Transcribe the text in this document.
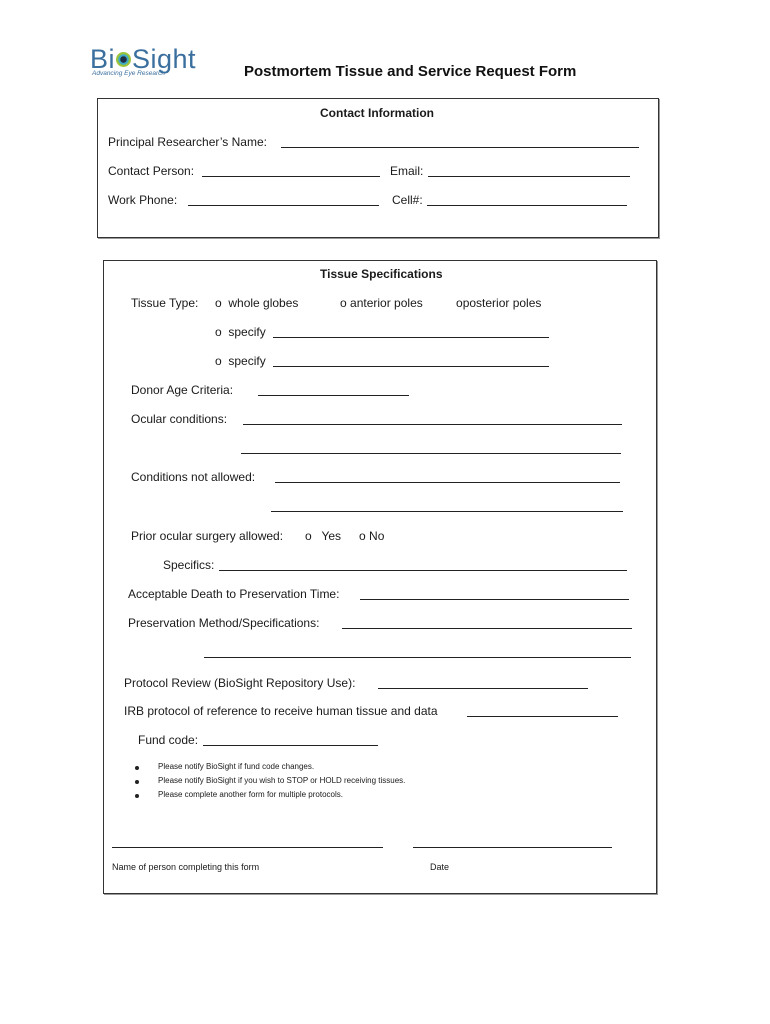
Bi Sight
Advancing Eye Research	Postmortem Tissue and Service Request Form
Contact Information
Principal Researcher’s Name:
Contact Person:	Email:
Work Phone:	Cell#:
Tissue Specifications
Tissue Type: o whole globes	o anterior poles	oposterior poles
o specify
o specify
Donor Age Criteria:
Ocular conditions:
Conditions not allowed:
Prior ocular surgery allowed: o Yes o No
Specifics:
Acceptable Death to Preservation Time:
Preservation Method/Specifications:
Protocol Review (BioSight Repository Use):
IRB protocol of reference to receive human tissue and data
Fund code:
Please notify BioSight if fund code changes.
Please notify BioSight if you wish to STOP or HOLD receiving tissues.
Please complete another form for multiple protocols.
Name of person completing this form	Date
